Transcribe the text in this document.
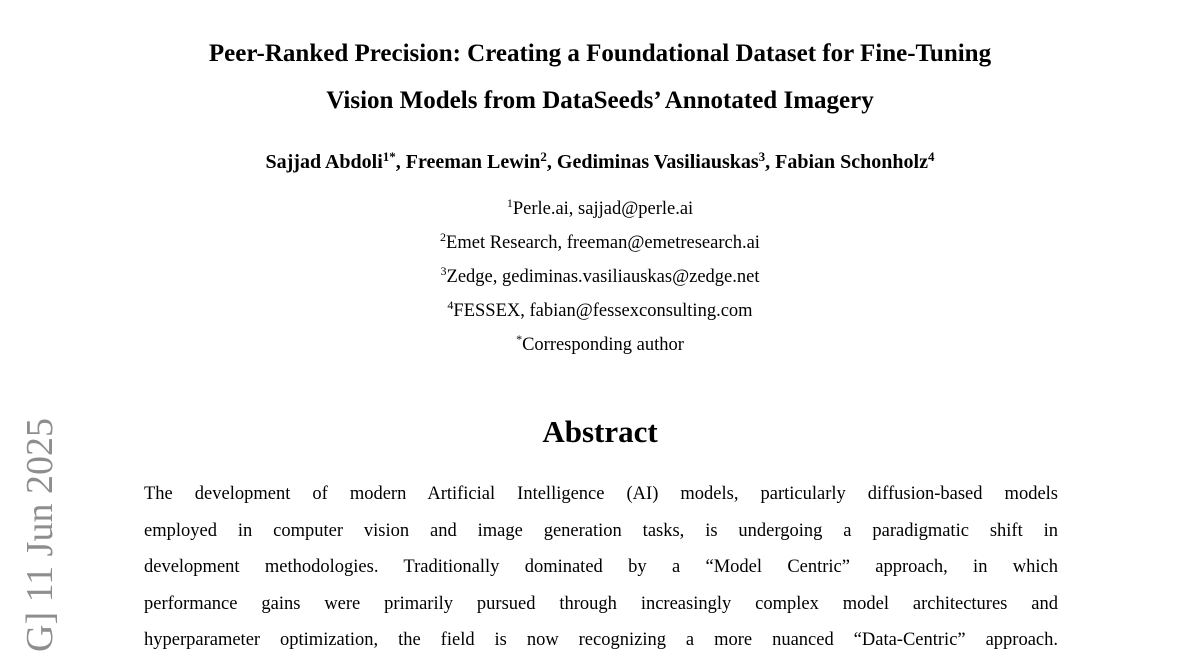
Peer-Ranked Precision: Creating a Foundational Dataset for Fine-Tuning
Vision Models from DataSeeds’ Annotated Imagery
Sajjad Abdoli$^{1*}$, Freeman Lewin$^2$, Gediminas Vasiliauskas$^3$, Fabian Schonholz$^4$
$^1$Perle.ai, sajjad@perle.ai
$^2$Emet Research, freeman@emetresearch.ai
$^3$Zedge, gediminas.vasiliauskas@zedge.net
$^4$FESSEX, fabian@fessexconsulting.com
*Corresponding author
Abstract
The development of modern Artificial Intelligence (AI) models, particularly diffusion-based models
employed in computer vision and image generation tasks, is undergoing a paradigmatic shift in
development methodologies. Traditionally dominated by a “Model Centric” approach, in which
performance gains were primarily pursued through increasingly complex model architectures and
hyperparameter optimization, the field is now recognizing a more nuanced “Data-Centric” approach.
G] 11 Jun 2025
